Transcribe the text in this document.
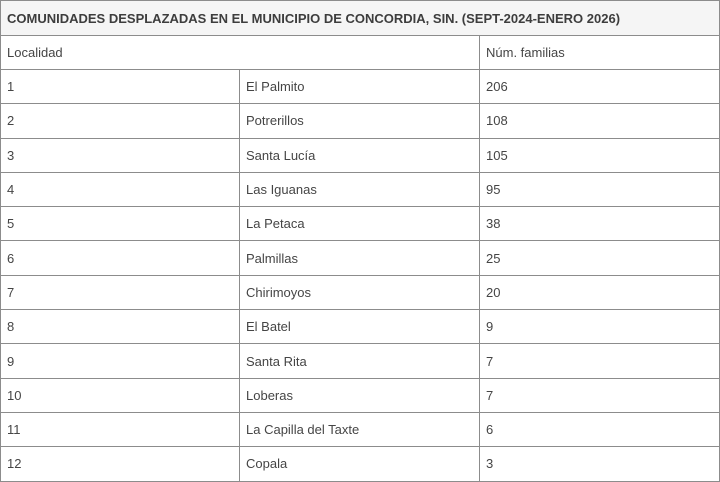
COMUNIDADES DESPLAZADAS EN EL MUNICIPIO DE CONCORDIA, SIN. (SEPT-2024-ENERO 2026)		
Localidad		Núm. familias
1	El Palmito	206
2	Potrerillos	108
3	Santa Lucía	105
4	Las Iguanas	95
5	La Petaca	38
6	Palmillas	25
7	Chirimoyos	20
8	El Batel	9
9	Santa Rita	7
10	Loberas	7
11	La Capilla del Taxte	6
12	Copala	3
